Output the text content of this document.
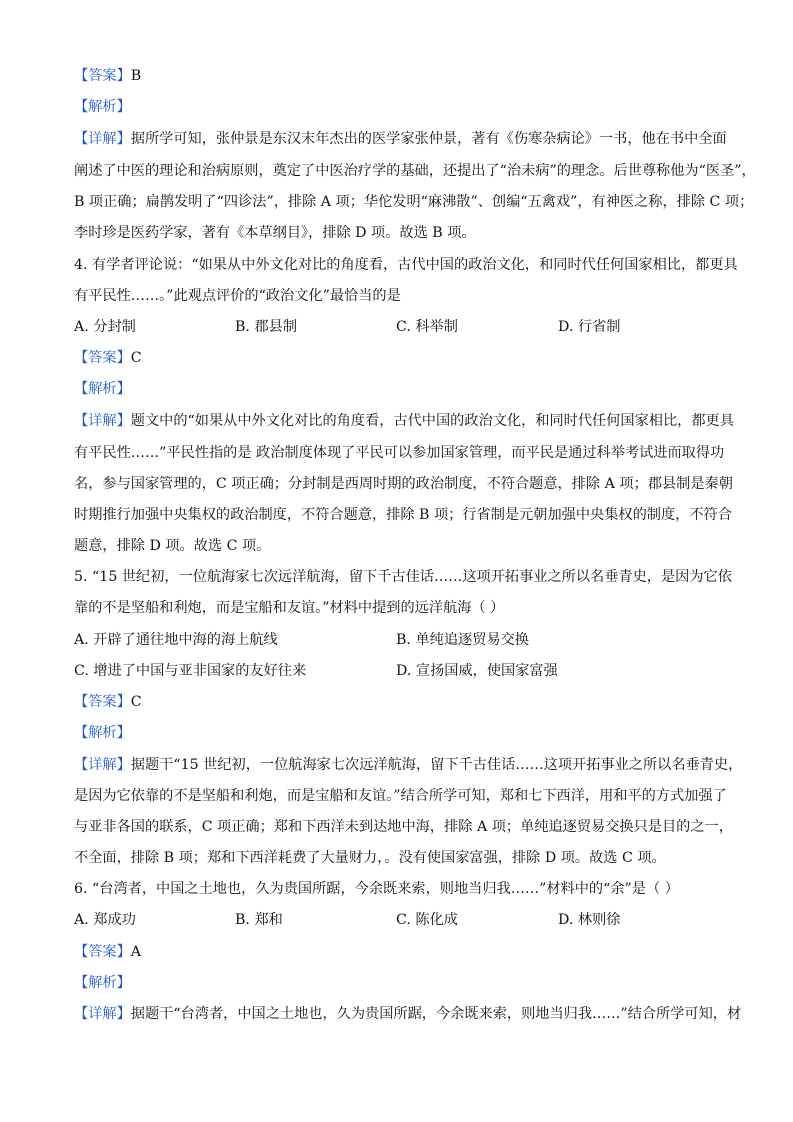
【答案】B
【解析】
【详解】据所学可知，张仲景是东汉末年杰出的医学家张仲景，著有《伤寒杂病论》一书，他在书中全面
阐述了中医的理论和治病原则，奠定了中医治疗学的基础，还提出了“治未病”的理念。后世尊称他为“医圣”，
B 项正确；扁鹊发明了“四诊法”，排除 A 项；华佗发明“麻沸散”、创编“五禽戏”，有神医之称，排除 C 项；
李时珍是医药学家，著有《本草纲目》，排除 D 项。故选 B 项。
4. 有学者评论说：“如果从中外文化对比的角度看，古代中国的政治文化，和同时代任何国家相比，都更具
有平民性……。”此观点评价的“政治文化”最恰当的是
A. 分封制	B. 郡县制	C. 科举制	D. 行省制
【答案】C
【解析】
【详解】题文中的“如果从中外文化对比的角度看，古代中国的政治文化，和同时代任何国家相比，都更具
有平民性……”平民性指的是 政治制度体现了平民可以参加国家管理，而平民是通过科举考试进而取得功
名，参与国家管理的，C 项正确；分封制是西周时期的政治制度，不符合题意，排除 A 项；郡县制是秦朝
时期推行加强中央集权的政治制度，不符合题意，排除 B 项；行省制是元朝加强中央集权的制度，不符合
题意，排除 D 项。故选 C 项。
5. “15 世纪初，一位航海家七次远洋航海，留下千古佳话……这项开拓事业之所以名垂青史，是因为它依
靠的不是坚船和利炮，而是宝船和友谊。”材料中提到的远洋航海（ ）
A. 开辟了通往地中海的海上航线	B. 单纯追逐贸易交换
C. 增进了中国与亚非国家的友好往来	D. 宣扬国威，使国家富强
【答案】C
【解析】
【详解】据题干“15 世纪初，一位航海家七次远洋航海，留下千古佳话……这项开拓事业之所以名垂青史，
是因为它依靠的不是坚船和利炮，而是宝船和友谊。”结合所学可知，郑和七下西洋，用和平的方式加强了
与亚非各国的联系，C 项正确；郑和下西洋未到达地中海，排除 A 项；单纯追逐贸易交换只是目的之一，
不全面，排除 B 项；郑和下西洋耗费了大量财力，。没有使国家富强，排除 D 项。故选 C 项。
6. “台湾者，中国之土地也，久为贵国所踞，今余既来索，则地当归我……”材料中的“余”是（ ）
A. 郑成功	B. 郑和	C. 陈化成	D. 林则徐
【答案】A
【解析】
【详解】据题干“台湾者，中国之土地也，久为贵国所踞，今余既来索，则地当归我……”结合所学可知，材
